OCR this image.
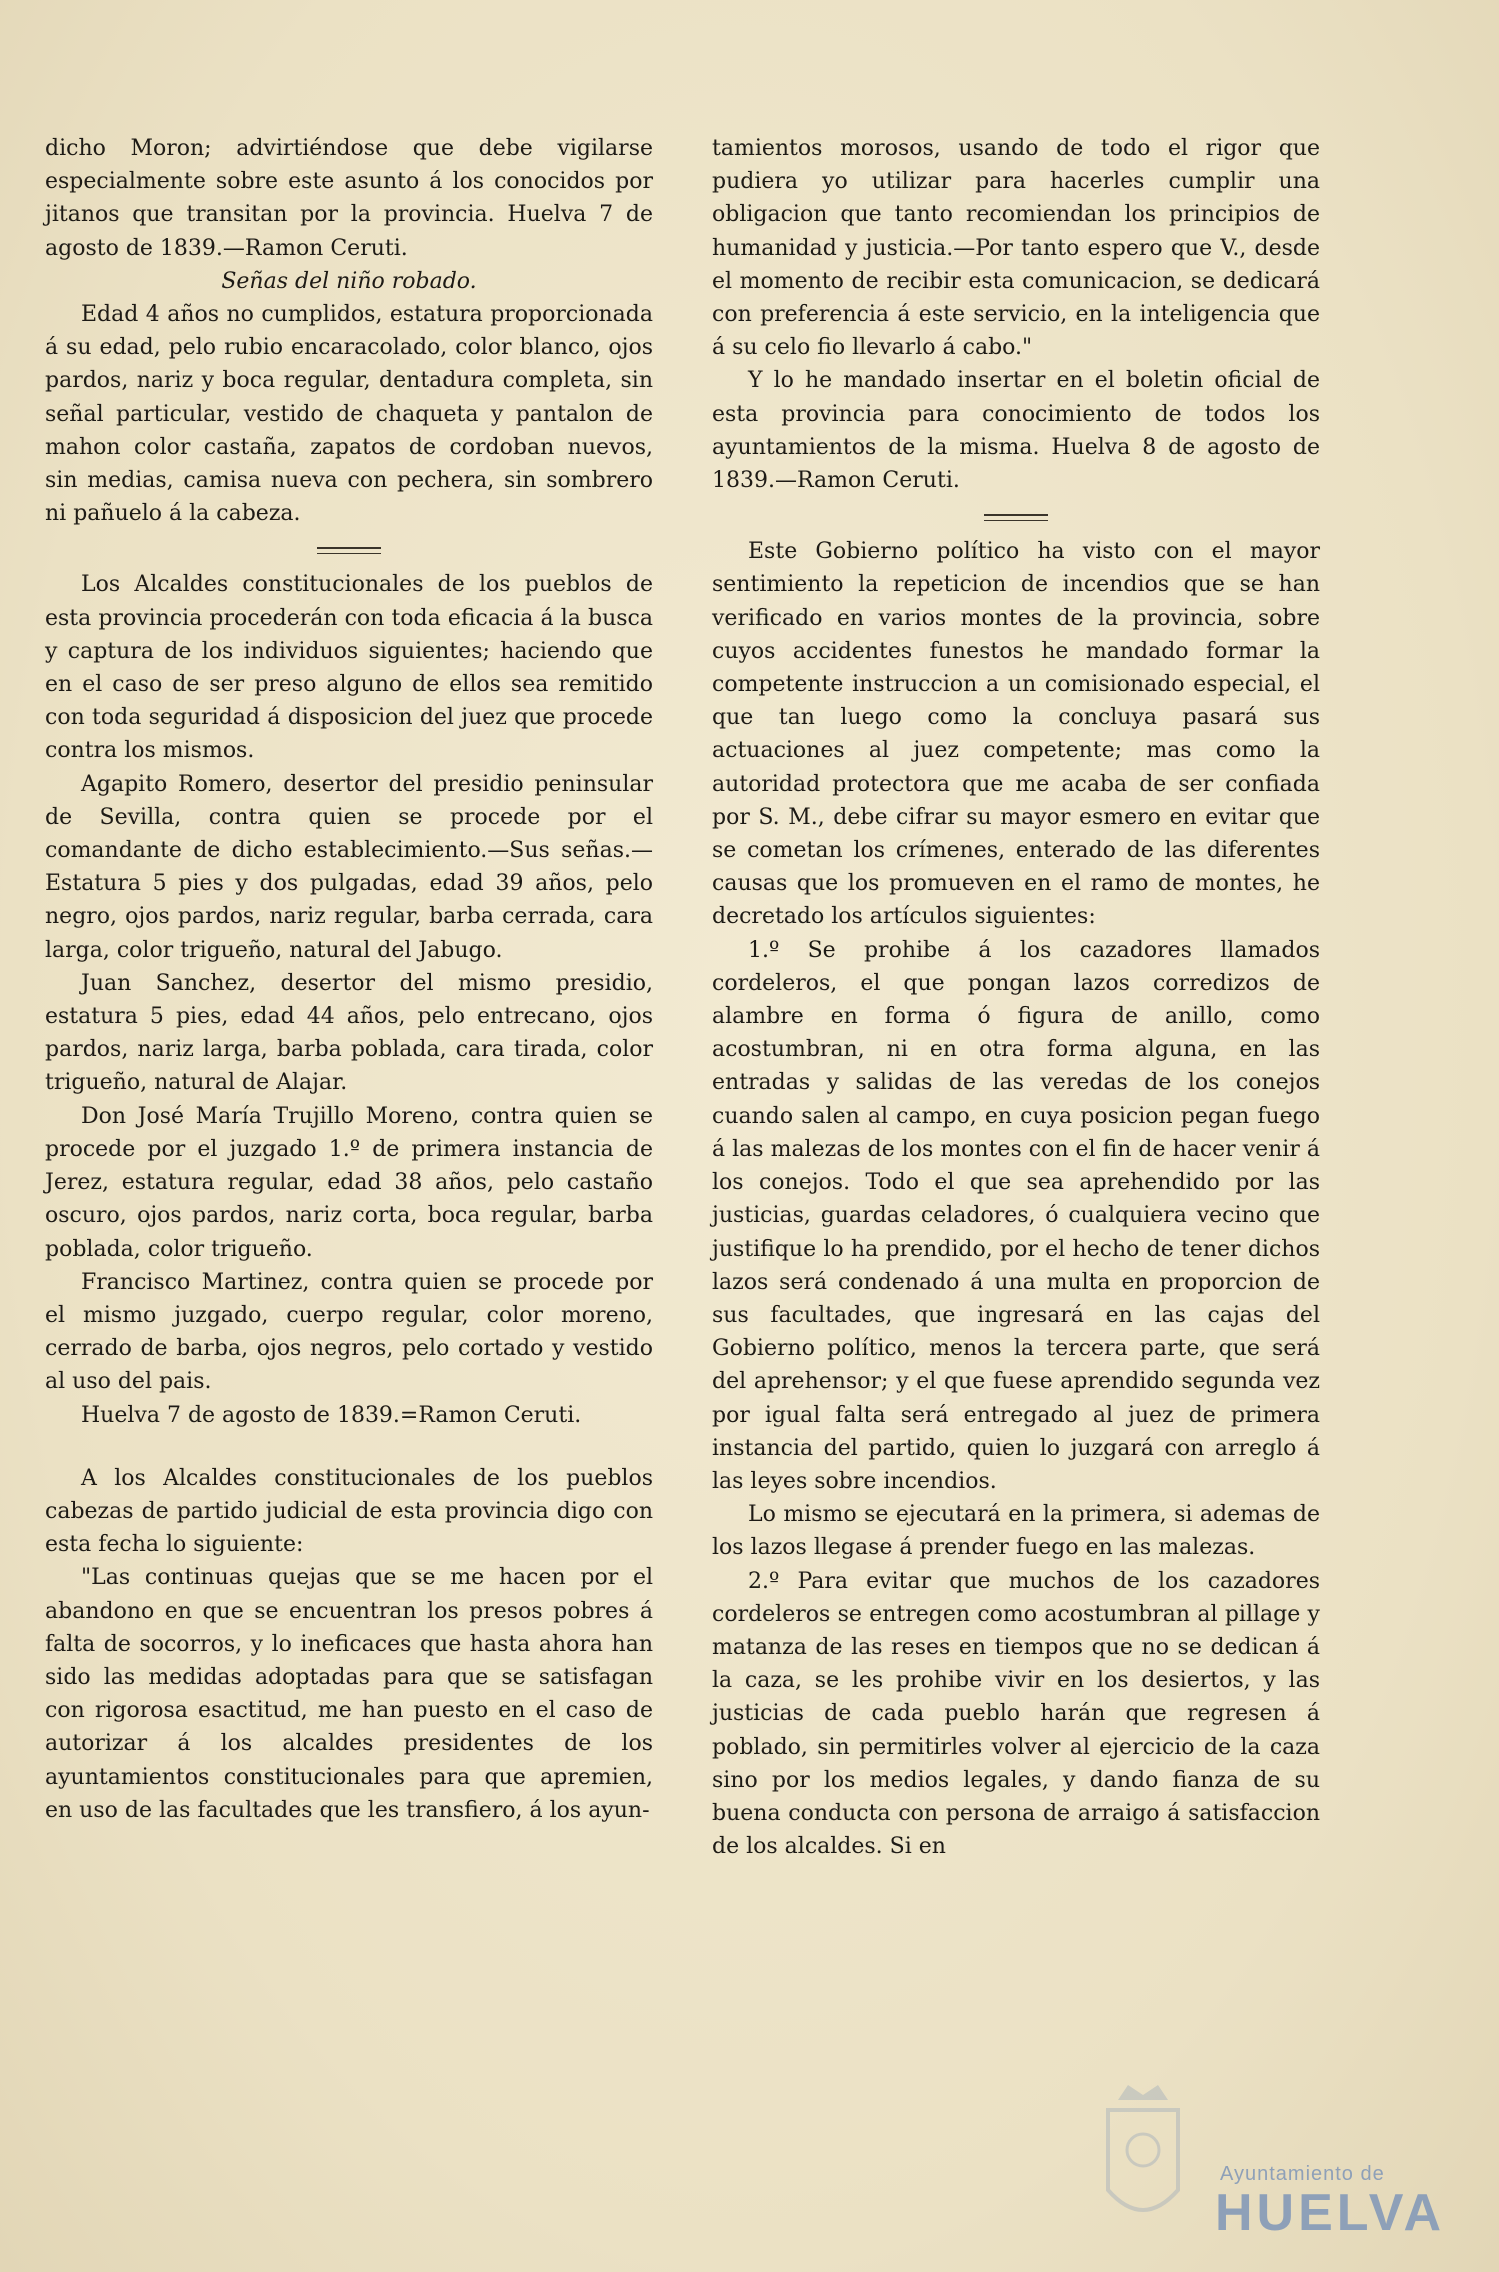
dicho Moron; advirtiéndose que debe vigilarse especialmente sobre este asunto á los conocidos por jitanos que transitan por la provincia. Huelva 7 de agosto de 1839.—Ramon Ceruti.

Señas del niño robado.

Edad 4 años no cumplidos, estatura proporcionada á su edad, pelo rubio encaracolado, color blanco, ojos pardos, nariz y boca regular, dentadura completa, sin señal particular, vestido de chaqueta y pantalon de mahon color castaña, zapatos de cordoban nuevos, sin medias, camisa nueva con pechera, sin sombrero ni pañuelo á la cabeza.

Los Alcaldes constitucionales de los pueblos de esta provincia procederán con toda eficacia á la busca y captura de los individuos siguientes; haciendo que en el caso de ser preso alguno de ellos sea remitido con toda seguridad á disposicion del juez que procede contra los mismos.

Agapito Romero, desertor del presidio peninsular de Sevilla, contra quien se procede por el comandante de dicho establecimiento.—Sus señas.—Estatura 5 pies y dos pulgadas, edad 39 años, pelo negro, ojos pardos, nariz regular, barba cerrada, cara larga, color trigueño, natural del Jabugo.

Juan Sanchez, desertor del mismo presidio, estatura 5 pies, edad 44 años, pelo entrecano, ojos pardos, nariz larga, barba poblada, cara tirada, color trigueño, natural de Alajar.

Don José María Trujillo Moreno, contra quien se procede por el juzgado 1.º de primera instancia de Jerez, estatura regular, edad 38 años, pelo castaño oscuro, ojos pardos, nariz corta, boca regular, barba poblada, color trigueño.

Francisco Martinez, contra quien se procede por el mismo juzgado, cuerpo regular, color moreno, cerrado de barba, ojos negros, pelo cortado y vestido al uso del pais.

Huelva 7 de agosto de 1839.=Ramon Ceruti.

A los Alcaldes constitucionales de los pueblos cabezas de partido judicial de esta provincia digo con esta fecha lo siguiente:

"Las continuas quejas que se me hacen por el abandono en que se encuentran los presos pobres á falta de socorros, y lo ineficaces que hasta ahora han sido las medidas adoptadas para que se satisfagan con rigorosa esactitud, me han puesto en el caso de autorizar á los alcaldes presidentes de los ayuntamientos constitucionales para que apremien, en uso de las facultades que les transfiero, á los ayun-

tamientos morosos, usando de todo el rigor que pudiera yo utilizar para hacerles cumplir una obligacion que tanto recomiendan los principios de humanidad y justicia.—Por tanto espero que V., desde el momento de recibir esta comunicacion, se dedicará con preferencia á este servicio, en la inteligencia que á su celo fio llevarlo á cabo."

Y lo he mandado insertar en el boletin oficial de esta provincia para conocimiento de todos los ayuntamientos de la misma. Huelva 8 de agosto de 1839.—Ramon Ceruti.

Este Gobierno político ha visto con el mayor sentimiento la repeticion de incendios que se han verificado en varios montes de la provincia, sobre cuyos accidentes funestos he mandado formar la competente instruccion a un comisionado especial, el que tan luego como la concluya pasará sus actuaciones al juez competente; mas como la autoridad protectora que me acaba de ser confiada por S. M., debe cifrar su mayor esmero en evitar que se cometan los crímenes, enterado de las diferentes causas que los promueven en el ramo de montes, he decretado los artículos siguientes:

1.º Se prohibe á los cazadores llamados cordeleros, el que pongan lazos corredizos de alambre en forma ó figura de anillo, como acostumbran, ni en otra forma alguna, en las entradas y salidas de las veredas de los conejos cuando salen al campo, en cuya posicion pegan fuego á las malezas de los montes con el fin de hacer venir á los conejos. Todo el que sea aprehendido por las justicias, guardas celadores, ó cualquiera vecino que justifique lo ha prendido, por el hecho de tener dichos lazos será condenado á una multa en proporcion de sus facultades, que ingresará en las cajas del Gobierno político, menos la tercera parte, que será del aprehensor; y el que fuese aprendido segunda vez por igual falta será entregado al juez de primera instancia del partido, quien lo juzgará con arreglo á las leyes sobre incendios.

Lo mismo se ejecutará en la primera, si ademas de los lazos llegase á prender fuego en las malezas.

2.º Para evitar que muchos de los cazadores cordeleros se entregen como acostumbran al pillage y matanza de las reses en tiempos que no se dedican á la caza, se les prohibe vivir en los desiertos, y las justicias de cada pueblo harán que regresen á poblado, sin permitirles volver al ejercicio de la caza sino por los medios legales, y dando fianza de su buena conducta con persona de arraigo á satisfaccion de los alcaldes. Si en

Ayuntamiento de
HUELVA
